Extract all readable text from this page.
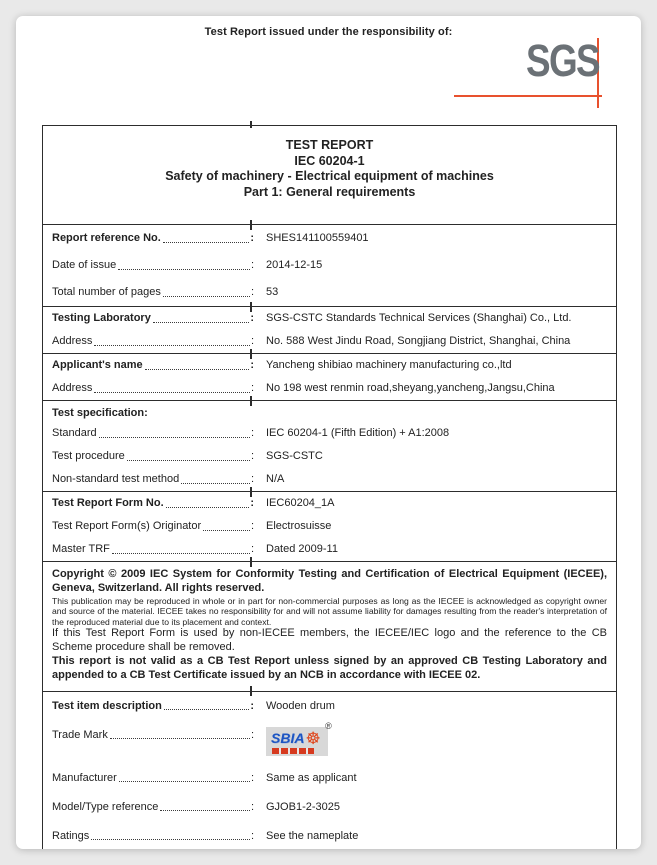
Test Report issued under the responsibility of:
SGS
TEST REPORT
IEC 60204-1
Safety of machinery - Electrical equipment of machines
Part 1: General requirements
Report reference No.	: SHES141100559401
Date of issue	: 2014-12-15
Total number of pages	: 53
Testing Laboratory	: SGS-CSTC Standards Technical Services (Shanghai) Co., Ltd.
Address	: No. 588 West Jindu Road, Songjiang District, Shanghai, China
Applicant's name	: Yancheng shibiao machinery manufacturing co.,ltd
Address	: No 198 west renmin road,sheyang,yancheng,Jangsu,China
Test specification:
Standard	: IEC 60204-1 (Fifth Edition) + A1:2008
Test procedure	: SGS-CSTC
Non-standard test method	: N/A
Test Report Form No.	: IEC60204_1A
Test Report Form(s) Originator	: Electrosuisse
Master TRF	: Dated 2009-11
Copyright © 2009 IEC System for Conformity Testing and Certification of Electrical Equipment (IECEE), Geneva, Switzerland. All rights reserved.
This publication may be reproduced in whole or in part for non-commercial purposes as long as the IECEE is acknowledged as copyright owner and source of the material. IECEE takes no responsibility for and will not assume liability for damages resulting from the reader's interpretation of the reproduced material due to its placement and context.
If this Test Report Form is used by non-IECEE members, the IECEE/IEC logo and the reference to the CB Scheme procedure shall be removed.
This report is not valid as a CB Test Report unless signed by an approved CB Testing Laboratory and appended to a CB Test Certificate issued by an NCB in accordance with IECEE 02.
Test item description	: Wooden drum
Trade Mark	: SBIA ☸
®
Manufacturer	: Same as applicant
Model/Type reference	: GJOB1-2-3025
Ratings	: See the nameplate
